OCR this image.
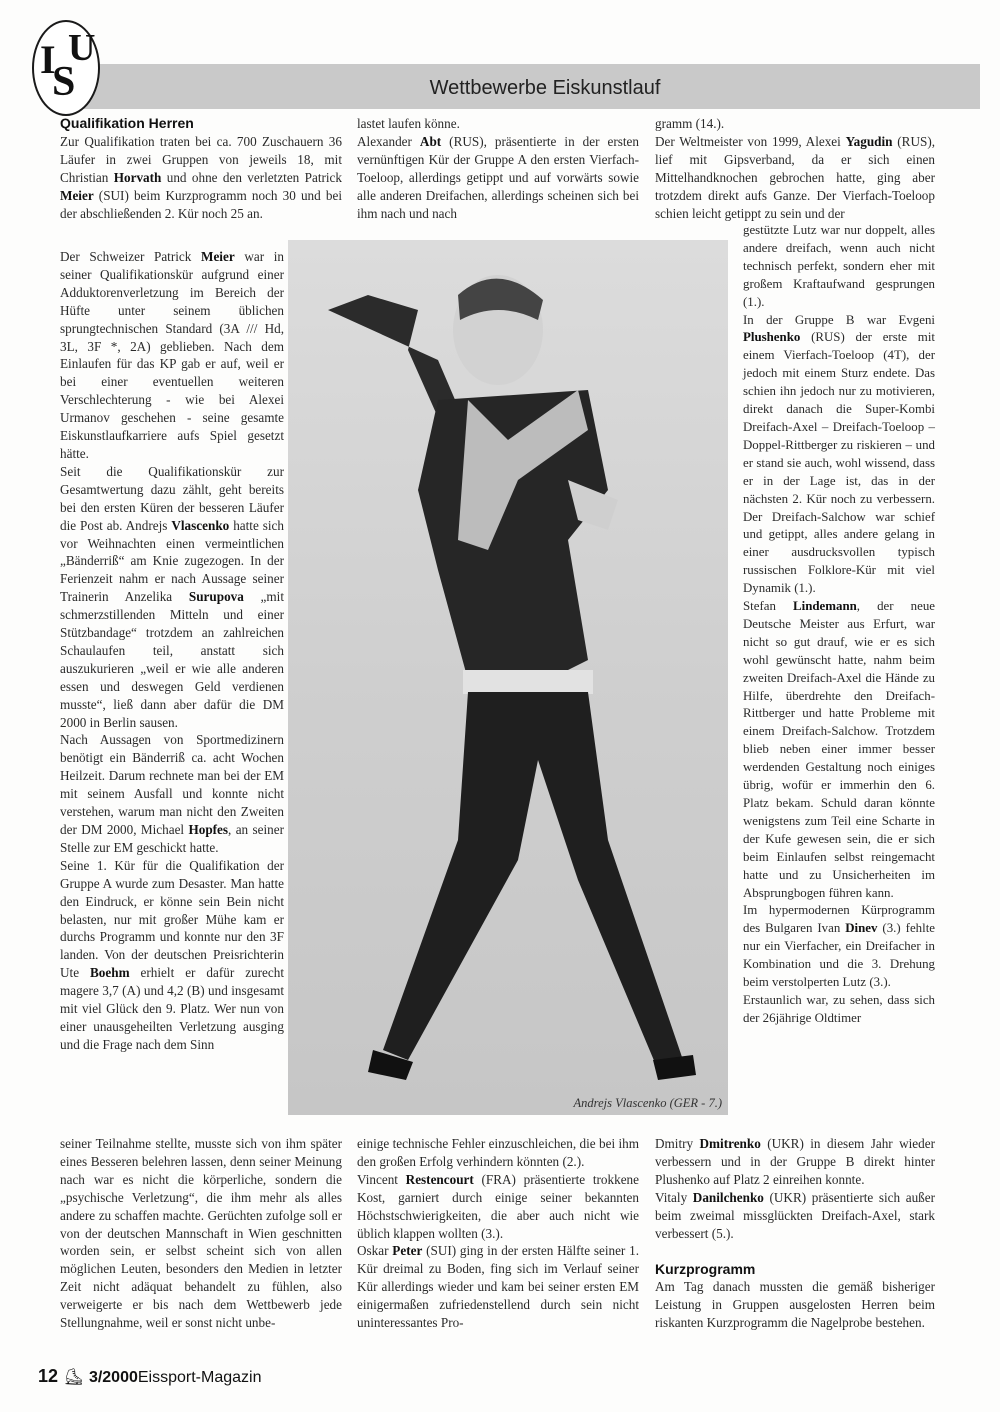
I
S
U
Wettbewerbe Eiskunstlauf
Qualifikation Herren

Zur Qualifikation traten bei ca. 700 Zuschauern 36 Läufer in zwei Gruppen von jeweils 18, mit Christian Horvath und ohne den verletzten Patrick Meier (SUI) beim Kurzprogramm noch 30 und bei der abschließenden 2. Kür noch 25 an.

Der Schweizer Patrick Meier war in seiner Qualifikationskür aufgrund einer Adduktorenverletzung im Bereich der Hüfte unter seinem üblichen sprungtechnischen Standard (3A /// Hd, 3L, 3F *, 2A) geblieben. Nach dem Einlaufen für das KP gab er auf, weil er bei einer eventuellen weiteren Verschlechterung - wie bei Alexei Urmanov geschehen - seine gesamte Eiskunstlaufkarriere aufs Spiel gesetzt hätte.

Seit die Qualifikationskür zur Gesamtwertung dazu zählt, geht bereits bei den ersten Küren der besseren Läufer die Post ab. Andrejs Vlascenko hatte sich vor Weihnachten einen vermeintlichen „Bänderriß“ am Knie zugezogen. In der Ferienzeit nahm er nach Aussage seiner Trainerin Anzelika Surupova „mit schmerzstillenden Mitteln und einer Stützbandage“ trotzdem an zahlreichen Schaulaufen teil, anstatt sich auszukurieren „weil er wie alle anderen essen und deswegen Geld verdienen musste“, ließ dann aber dafür die DM 2000 in Berlin sausen.

Nach Aussagen von Sportmedizinern benötigt ein Bänderriß ca. acht Wochen Heilzeit. Darum rechnete man bei der EM mit seinem Ausfall und konnte nicht verstehen, warum man nicht den Zweiten der DM 2000, Michael Hopfes, an seiner Stelle zur EM geschickt hatte.

Seine 1. Kür für die Qualifikation der Gruppe A wurde zum Desaster. Man hatte den Eindruck, er könne sein Bein nicht belasten, nur mit großer Mühe kam er durchs Programm und konnte nur den 3F landen. Von der deutschen Preisrichterin Ute Boehm erhielt er dafür zurecht magere 3,7 (A) und 4,2 (B) und insgesamt mit viel Glück den 9. Platz. Wer nun von einer unausgeheilten Verletzung ausging und die Frage nach dem Sinn

seiner Teilnahme stellte, musste sich von ihm später eines Besseren belehren lassen, denn seiner Meinung nach war es nicht die körperliche, sondern die „psychische Verletzung“, die ihm mehr als alles andere zu schaffen machte. Gerüchten zufolge soll er von der deutschen Mannschaft in Wien geschnitten worden sein, er selbst scheint sich von allen möglichen Leuten, besonders den Medien in letzter Zeit nicht adäquat behandelt zu fühlen, also verweigerte er bis nach dem Wettbewerb jede Stellungnahme, weil er sonst nicht unbe-

lastet laufen könne.

Alexander Abt (RUS), präsentierte in der ersten vernünftigen Kür der Gruppe A den ersten Vierfach-Toeloop, allerdings getippt und auf vorwärts sowie alle anderen Dreifachen, allerdings scheinen sich bei ihm nach und nach

einige technische Fehler einzuschleichen, die bei ihm den großen Erfolg verhindern könnten (2.).

Vincent Restencourt (FRA) präsentierte trokkene Kost, garniert durch einige seiner bekannten Höchstschwierigkeiten, die aber auch nicht wie üblich klappen wollten (3.).

Oskar Peter (SUI) ging in der ersten Hälfte seiner 1. Kür dreimal zu Boden, fing sich im Verlauf seiner Kür allerdings wieder und kam bei seiner ersten EM einigermaßen zufriedenstellend durch sein nicht uninteressantes Pro-

Andrejs Vlascenko (GER - 7.)

gramm (14.).

Der Weltmeister von 1999, Alexei Yagudin (RUS), lief mit Gipsverband, da er sich einen Mittelhandknochen gebrochen hatte, ging aber trotzdem direkt aufs Ganze. Der Vierfach-Toeloop schien leicht getippt zu sein und der

gestützte Lutz war nur doppelt, alles andere dreifach, wenn auch nicht technisch perfekt, sondern eher mit großem Kraftaufwand gesprungen (1.).

In der Gruppe B war Evgeni Plushenko (RUS) der erste mit einem Vierfach-Toeloop (4T), der jedoch mit einem Sturz endete. Das schien ihn jedoch nur zu motivieren, direkt danach die Super-Kombi Dreifach-Axel – Dreifach-Toeloop – Doppel-Rittberger zu riskieren – und er stand sie auch, wohl wissend, dass er in der Lage ist, das in der nächsten 2. Kür noch zu verbessern. Der Dreifach-Salchow war schief und getippt, alles andere gelang in einer ausdrucksvollen typisch russischen Folklore-Kür mit viel Dynamik (1.).

Stefan Lindemann, der neue Deutsche Meister aus Erfurt, war nicht so gut drauf, wie er es sich wohl gewünscht hatte, nahm beim zweiten Dreifach-Axel die Hände zu Hilfe, überdrehte den Dreifach-Rittberger und hatte Probleme mit einem Dreifach-Salchow. Trotzdem blieb neben einer immer besser werdenden Gestaltung noch einiges übrig, wofür er immerhin den 6. Platz bekam. Schuld daran könnte wenigstens zum Teil eine Scharte in der Kufe gewesen sein, die er sich beim Einlaufen selbst reingemacht hatte und zu Unsicherheiten im Absprungbogen führen kann.

Im hypermodernen Kürprogramm des Bulgaren Ivan Dinev (3.) fehlte nur ein Vierfacher, ein Dreifacher in Kombination und die 3. Drehung beim verstolperten Lutz (3.).

Erstaunlich war, zu sehen, dass sich der 26jährige Oldtimer

Dmitry Dmitrenko (UKR) in diesem Jahr wieder verbessern und in der Gruppe B direkt hinter Plushenko auf Platz 2 einreihen konnte.

Vitaly Danilchenko (UKR) präsentierte sich außer beim zweimal missglückten Dreifach-Axel, stark verbessert (5.).

Kurzprogramm

Am Tag danach mussten die gemäß bisheriger Leistung in Gruppen ausgelosten Herren beim riskanten Kurzprogramm die Nagelprobe bestehen.

12 ⛸ 3/2000Eissport-Magazin
